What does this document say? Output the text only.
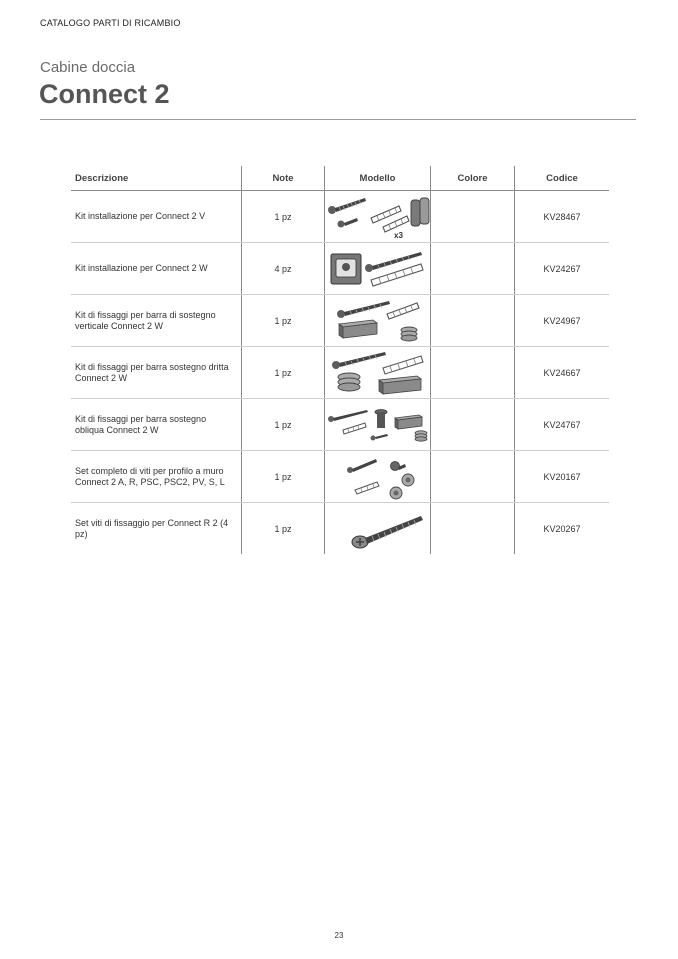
CATALOGO PARTI DI RICAMBIO
Cabine doccia
Connect 2
Descrizione	Note	Modello	Colore	Codice
Kit installazione per Connect 2 V	1 pz	x3		KV28467
Kit installazione per Connect 2 W	4 pz			KV24267
Kit di fissaggi per barra di sostegno verticale Connect 2 W	1 pz			KV24967
Kit di fissaggi per barra sostegno dritta Connect 2 W	1 pz			KV24667
Kit di fissaggi per barra sostegno obliqua Connect 2 W	1 pz			KV24767
Set completo di viti per profilo a muro Connect 2 A, R, PSC, PSC2, PV, S, L	1 pz			KV20167
Set viti di fissaggio per Connect R 2 (4 pz)	1 pz			KV20267
23
